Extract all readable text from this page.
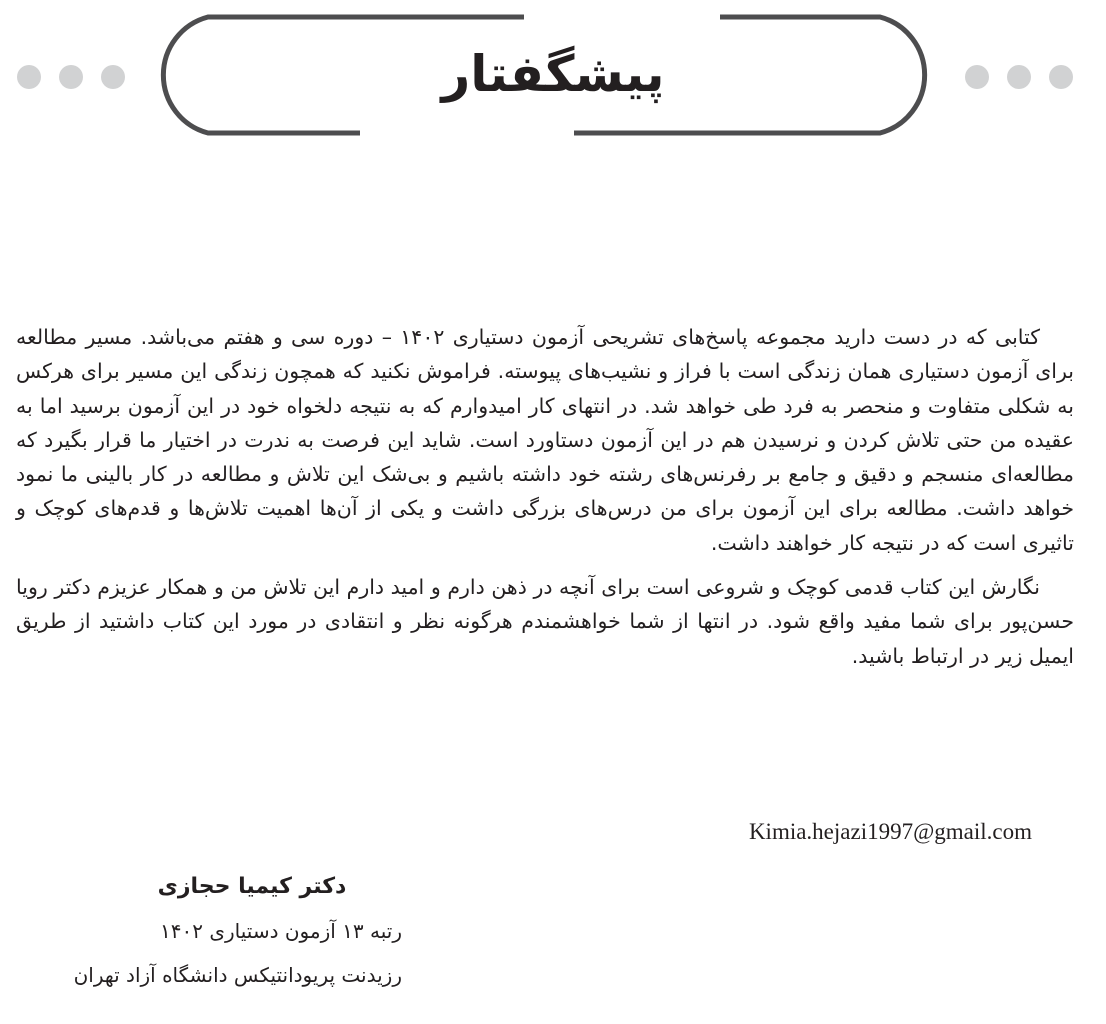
پیشگفتار

کتابی که در دست دارید مجموعه پاسخ‌های تشریحی آزمون دستیاری ۱۴۰۲ – دوره سی و هفتم می‌باشد. مسیر مطالعه برای آزمون دستیاری همان زندگی است با فراز و نشیب‌های پیوسته. فراموش نکنید که همچون زندگی این مسیر برای هرکس به شکلی متفاوت و منحصر به فرد طی خواهد شد. در انتهای کار امیدوارم که به نتیجه دلخواه خود در این آزمون برسید اما به عقیده من حتی تلاش کردن و نرسیدن هم در این آزمون دستاورد است. شاید این فرصت به ندرت در اختیار ما قرار بگیرد که مطالعه‌ای منسجم و دقیق و جامع بر رفرنس‌های رشته خود داشته باشیم و بی‌شک این تلاش و مطالعه در کار بالینی ما نمود خواهد داشت. مطالعه برای این آزمون برای من درس‌های بزرگی داشت و یکی از آن‌ها اهمیت تلاش‌ها و قدم‌های کوچک و تاثیری است که در نتیجه کار خواهند داشت.

نگارش این کتاب قدمی کوچک و شروعی است برای آنچه در ذهن دارم و امید دارم این تلاش من و همکار عزیزم دکتر رویا حسن‌پور برای شما مفید واقع شود. در انتها از شما خواهشمندم هرگونه نظر و انتقادی در مورد این کتاب داشتید از طریق ایمیل زیر در ارتباط باشید.

Kimia.hejazi1997@gmail.com
دکتر کیمیا حجازی
رتبه ۱۳ آزمون دستیاری ۱۴۰۲
رزیدنت پریودانتیکس دانشگاه آزاد تهران
